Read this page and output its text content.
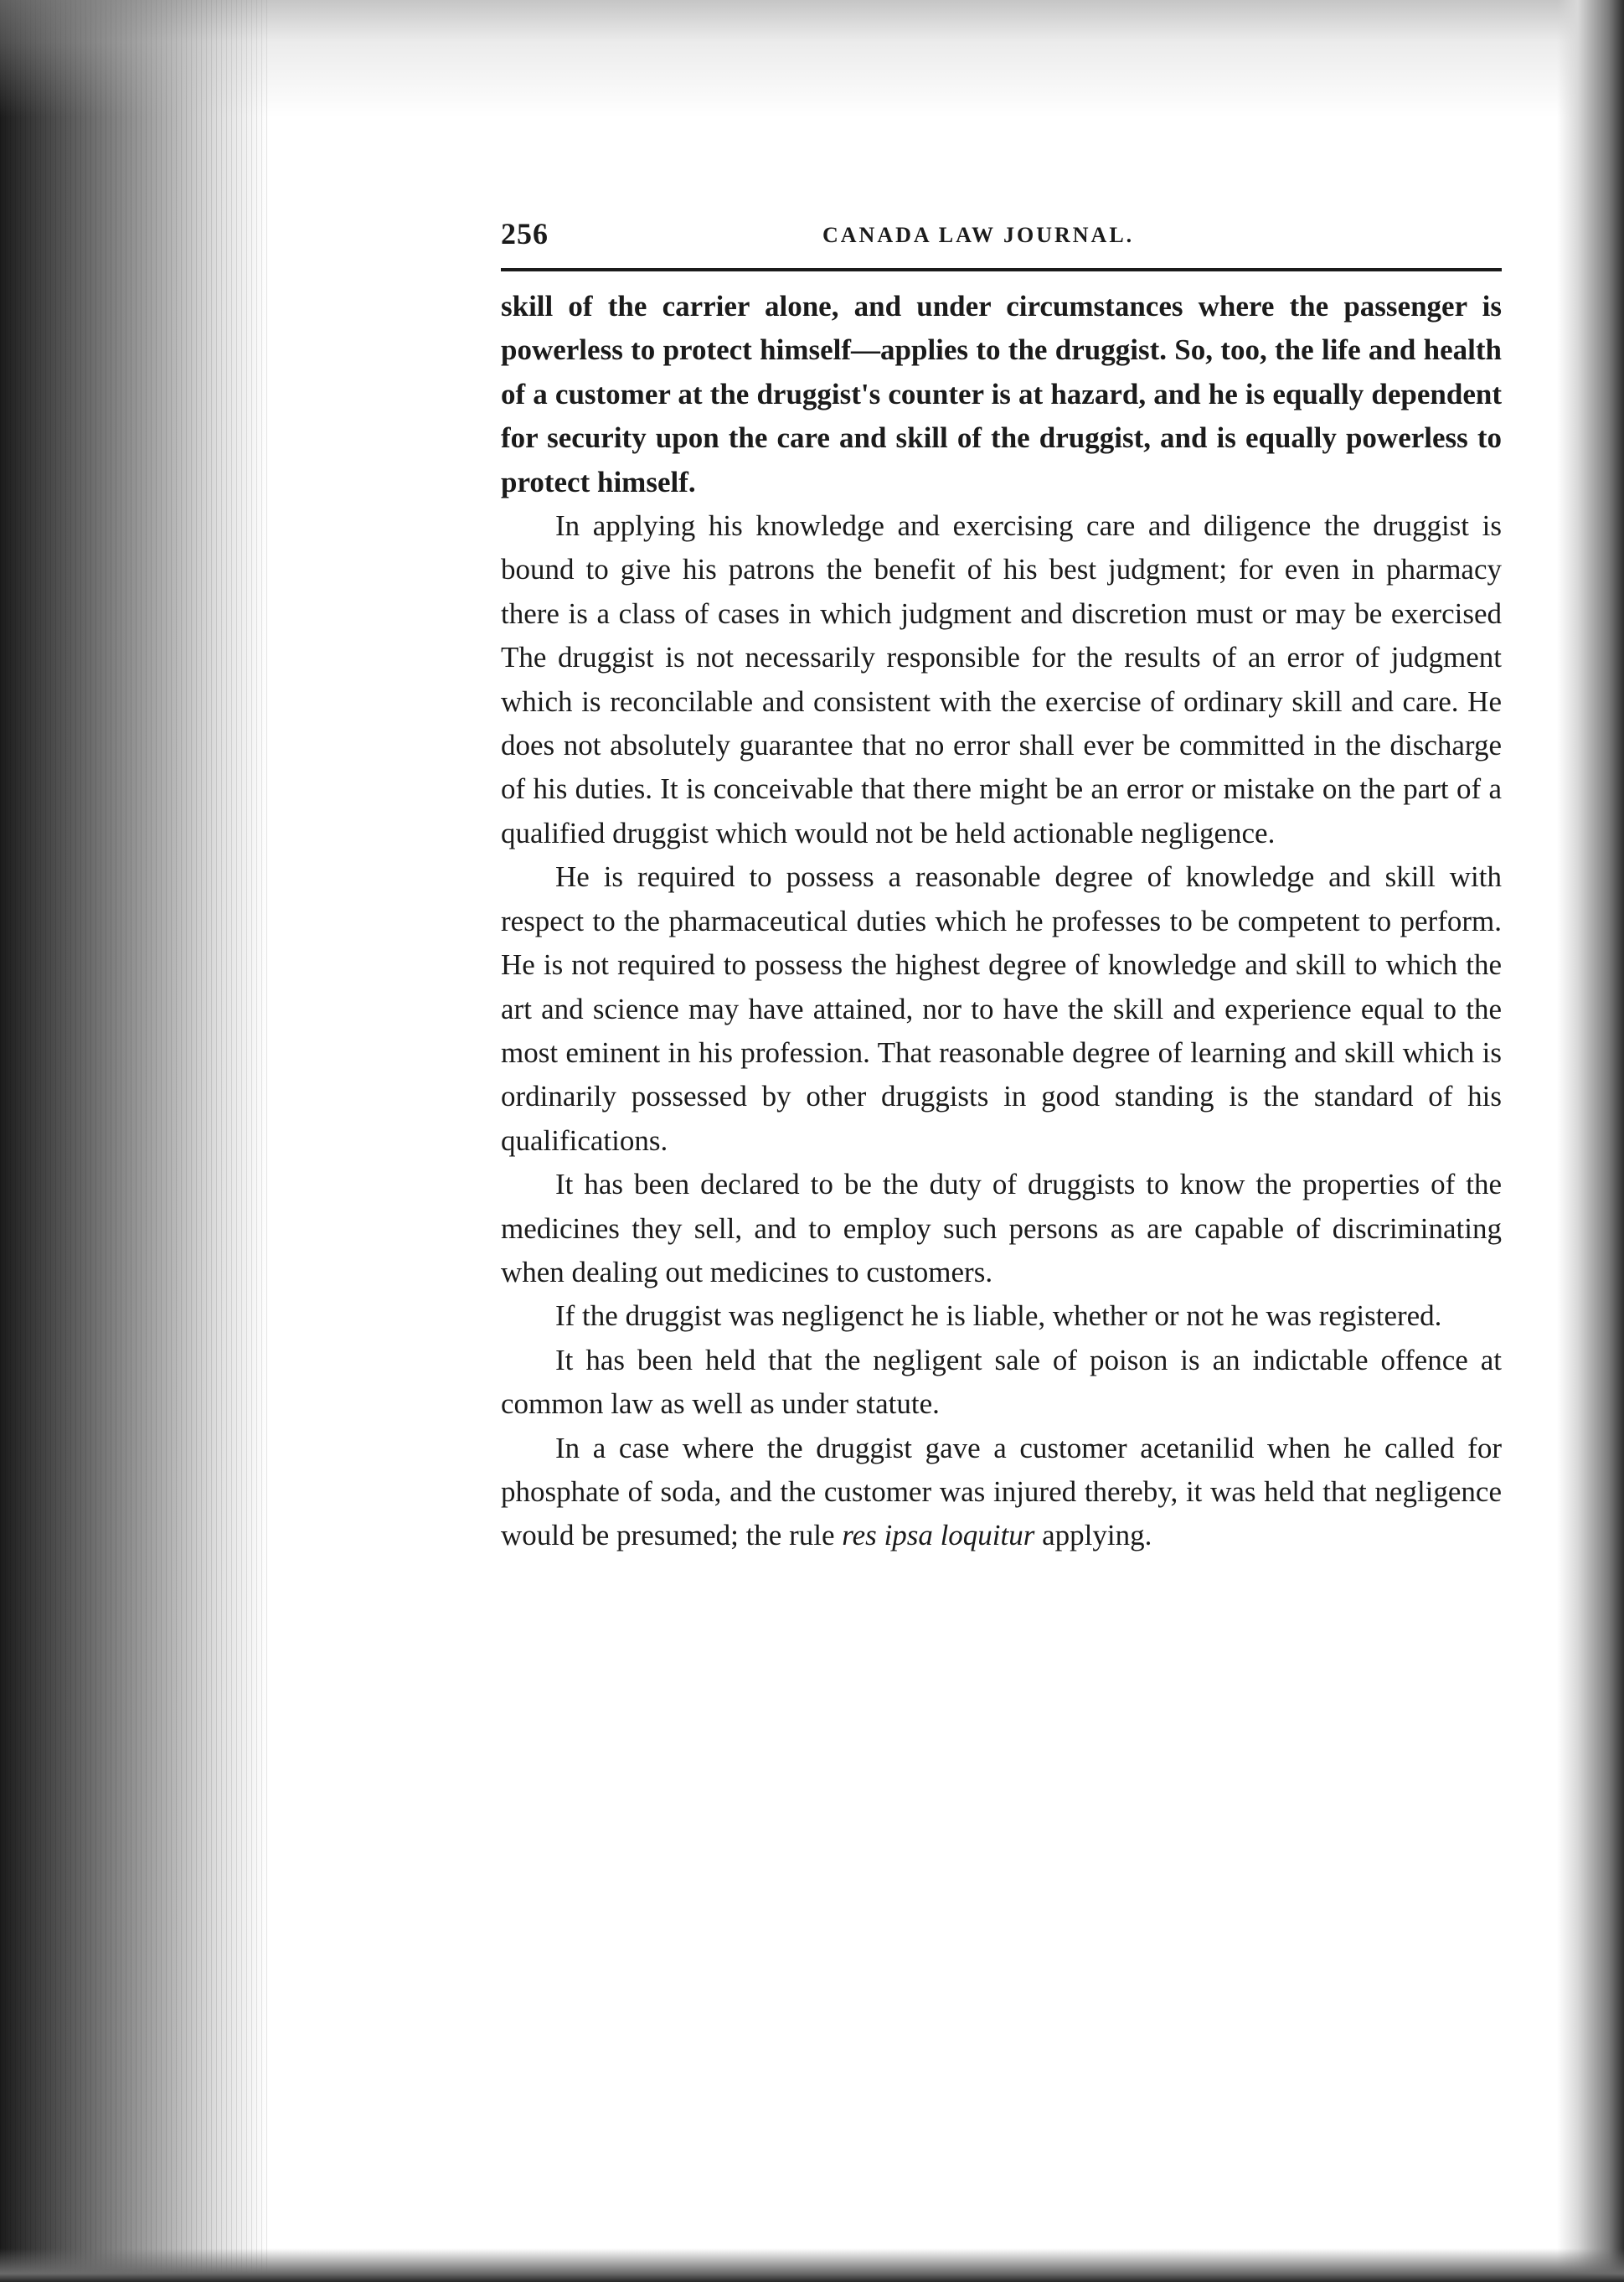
256	CANADA LAW JOURNAL.

skill of the carrier alone, and under circumstances where the passenger is powerless to protect himself—applies to the druggist. So, too, the life and health of a customer at the druggist's counter is at hazard, and he is equally dependent for security upon the care and skill of the druggist, and is equally powerless to protect himself.

In applying his knowledge and exercising care and diligence the druggist is bound to give his patrons the benefit of his best judgment; for even in pharmacy there is a class of cases in which judgment and discretion must or may be exercised The druggist is not necessarily responsible for the results of an error of judgment which is reconcilable and consistent with the exercise of ordinary skill and care. He does not absolutely guarantee that no error shall ever be committed in the discharge of his duties. It is conceivable that there might be an error or mistake on the part of a qualified druggist which would not be held actionable negligence.

He is required to possess a reasonable degree of knowledge and skill with respect to the pharmaceutical duties which he professes to be competent to perform. He is not required to possess the highest degree of knowledge and skill to which the art and science may have attained, nor to have the skill and experience equal to the most eminent in his profession. That reasonable degree of learning and skill which is ordinarily possessed by other druggists in good standing is the standard of his qualifications.

It has been declared to be the duty of druggists to know the properties of the medicines they sell, and to employ such persons as are capable of discriminating when dealing out medicines to customers.

If the druggist was negligenct he is liable, whether or not he was registered.

It has been held that the negligent sale of poison is an indictable offence at common law as well as under statute.

In a case where the druggist gave a customer acetanilid when he called for phosphate of soda, and the customer was injured thereby, it was held that negligence would be presumed; the rule res ipsa loquitur applying.
